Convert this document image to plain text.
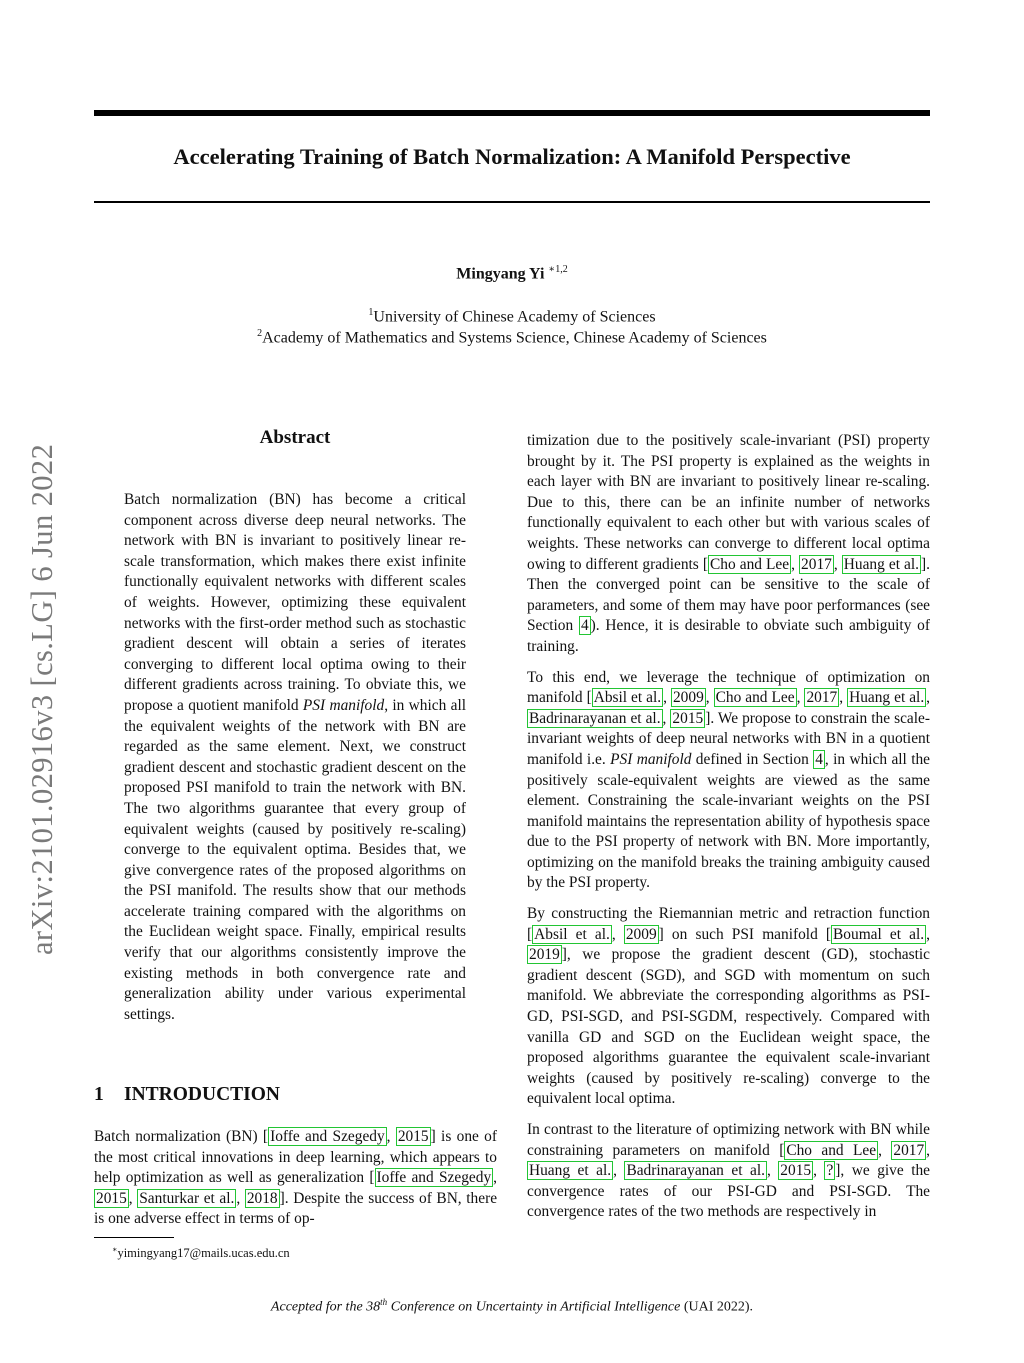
arXiv:2101.02916v3 [cs.LG] 6 Jun 2022
Accelerating Training of Batch Normalization: A Manifold Perspective
Mingyang Yi $^{∗1,2}$
$^1$University of Chinese Academy of Sciences
$^2$Academy of Mathematics and Systems Science, Chinese Academy of Sciences
Abstract

Batch normalization (BN) has become a critical component across diverse deep neural networks. The network with BN is invariant to positively linear re-scale transformation, which makes there exist infinite functionally equivalent networks with different scales of weights. However, optimizing these equivalent networks with the first-order method such as stochastic gradient descent will obtain a series of iterates converging to different local optima owing to their different gradients across training. To obviate this, we propose a quotient manifold PSI manifold, in which all the equivalent weights of the network with BN are regarded as the same element. Next, we construct gradient descent and stochastic gradient descent on the proposed PSI manifold to train the network with BN. The two algorithms guarantee that every group of equivalent weights (caused by positively re-scaling) converge to the equivalent optima. Besides that, we give convergence rates of the proposed algorithms on the PSI manifold. The results show that our methods accelerate training compared with the algorithms on the Euclidean weight space. Finally, empirical results verify that our algorithms consistently improve the existing methods in both convergence rate and generalization ability under various experimental settings.

1 INTRODUCTION

Batch normalization (BN) [ Ioffe and Szegedy , 2015 ] is one of the most critical innovations in deep learning, which appears to help optimization as well as generalization [ Ioffe and Szegedy , 2015 , Santurkar et al. , 2018 ]. Despite the success of BN, there is one adverse effect in terms of op-

timization due to the positively scale-invariant (PSI) property brought by it. The PSI property is explained as the weights in each layer with BN are invariant to positively linear re-scaling. Due to this, there can be an infinite number of networks functionally equivalent to each other but with various scales of weights. These networks can converge to different local optima owing to different gradients [ Cho and Lee , 2017 , Huang et al. ]. Then the converged point can be sensitive to the scale of parameters, and some of them may have poor performances (see Section 4 ). Hence, it is desirable to obviate such ambiguity of training.

To this end, we leverage the technique of optimization on manifold [ Absil et al. , 2009 , Cho and Lee , 2017 , Huang et al. , Badrinarayanan et al. , 2015 ]. We propose to constrain the scale-invariant weights of deep neural networks with BN in a quotient manifold i.e. PSI manifold defined in Section 4 , in which all the positively scale-equivalent weights are viewed as the same element. Constraining the scale-invariant weights on the PSI manifold maintains the representation ability of hypothesis space due to the PSI property of network with BN. More importantly, optimizing on the manifold breaks the training ambiguity caused by the PSI property.

By constructing the Riemannian metric and retraction function [ Absil et al. , 2009 ] on such PSI manifold [ Boumal et al. , 2019 ], we propose the gradient descent (GD), stochastic gradient descent (SGD), and SGD with momentum on such manifold. We abbreviate the corresponding algorithms as PSI-GD, PSI-SGD, and PSI-SGDM, respectively. Compared with vanilla GD and SGD on the Euclidean weight space, the proposed algorithms guarantee the equivalent scale-invariant weights (caused by positively re-scaling) converge to the equivalent local optima.

In contrast to the literature of optimizing network with BN while constraining parameters on manifold [ Cho and Lee , 2017 , Huang et al. , Badrinarayanan et al. , 2015 , ? ], we give the convergence rates of our PSI-GD and PSI-SGD. The convergence rates of the two methods are respectively in

∗yimingyang17@mails.ucas.edu.cn
Accepted for the 38th Conference on Uncertainty in Artificial Intelligence (UAI 2022).
